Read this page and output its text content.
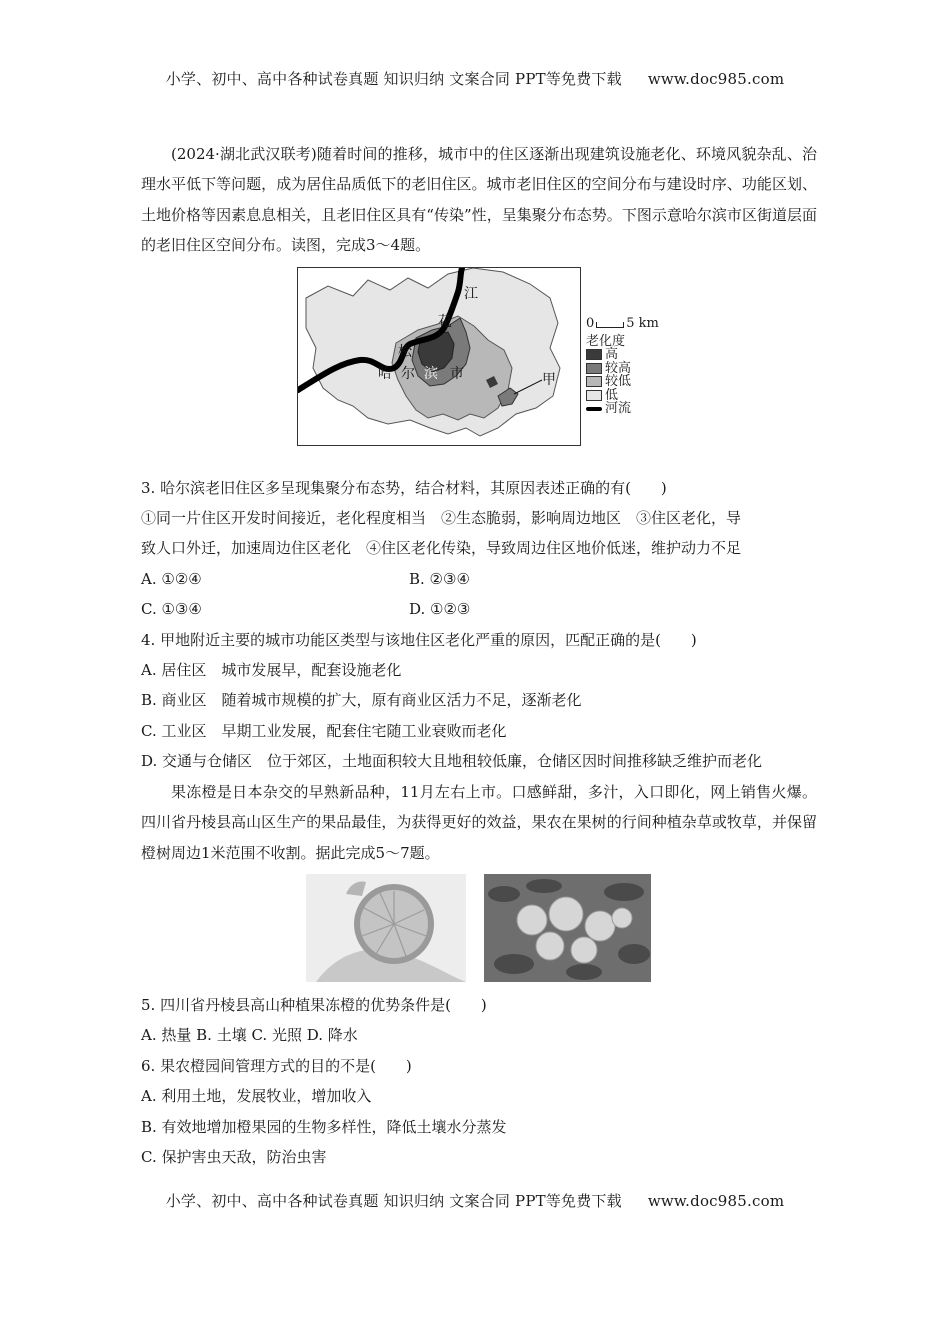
小学、初中、高中各种试卷真题 知识归纳 文案合同 PPT等免费下载 www.doc985.com

(2024·湖北武汉联考)随着时间的推移，城市中的住区逐渐出现建筑设施老化、环境风貌杂乱、治理水平低下等问题，成为居住品质低下的老旧住区。城市老旧住区的空间分布与建设时序、功能区划、土地价格等因素息息相关，且老旧住区具有“传染”性，呈集聚分布态势。下图示意哈尔滨市区街道层面的老旧住区空间分布。读图，完成3～4题。

江
花
松
哈 尔 滨 市	甲
0 5 km
老化度
高
较高
较低
低
河流

3. 哈尔滨老旧住区多呈现集聚分布态势，结合材料，其原因表述正确的有(　　)

①同一片住区开发时间接近，老化程度相当　②生态脆弱，影响周边地区　③住区老化，导

致人口外迁，加速周边住区老化　④住区老化传染，导致周边住区地价低迷，维护动力不足

A. ①②④	B. ②③④
C. ①③④	D. ①②③

4. 甲地附近主要的城市功能区类型与该地住区老化严重的原因，匹配正确的是(　　)

A. 居住区　城市发展早，配套设施老化

B. 商业区　随着城市规模的扩大，原有商业区活力不足，逐渐老化

C. 工业区　早期工业发展，配套住宅随工业衰败而老化

D. 交通与仓储区　位于郊区，土地面积较大且地租较低廉，仓储区因时间推移缺乏维护而老化

果冻橙是日本杂交的早熟新品种，11月左右上市。口感鲜甜，多汁，入口即化，网上销售火爆。四川省丹棱县高山区生产的果品最佳，为获得更好的效益，果农在果树的行间种植杂草或牧草，并保留橙树周边1米范围不收割。据此完成5～7题。

5. 四川省丹棱县高山种植果冻橙的优势条件是(　　)

A. 热量 B. 土壤 C. 光照 D. 降水

6. 果农橙园间管理方式的目的不是(　　)

A. 利用土地，发展牧业，增加收入

B. 有效地增加橙果园的生物多样性，降低土壤水分蒸发

C. 保护害虫天敌，防治虫害

小学、初中、高中各种试卷真题 知识归纳 文案合同 PPT等免费下载 www.doc985.com
